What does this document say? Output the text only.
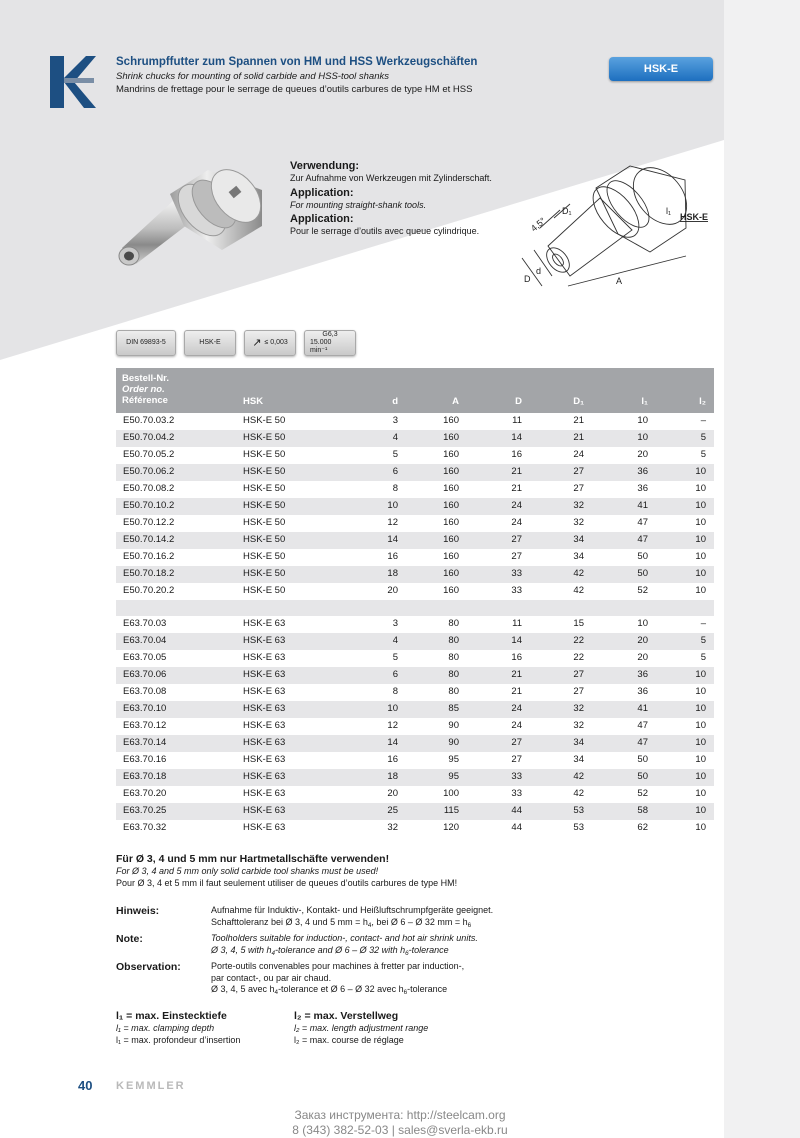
Schrumpffutter zum Spannen von HM und HSS Werkzeugschäften
Shrink chucks for mounting of solid carbide and HSS-tool shanks
Mandrins de frettage pour le serrage de queues d’outils carbures de type HM et HSS
HSK-E
Verwendung:
Zur Aufnahme von Werkzeugen mit Zylinderschaft.
Application:
For mounting straight-shank tools.
Application:
Pour le serrage d’outils avec queue cylindrique.	4,5°
D₁	l₁
D
d
A
HSK-E
DIN 69893-5	HSK-E	↗ ≤ 0,003
G6,3
15.000 min⁻¹
Bestell-Nr.
Order no.
Référence	HSK	d	A	D	D₁	l₁	l₂
E50.70.03.2	HSK-E 50	3	160	11	21	10	–
E50.70.04.2	HSK-E 50	4	160	14	21	10	5
E50.70.05.2	HSK-E 50	5	160	16	24	20	5
E50.70.06.2	HSK-E 50	6	160	21	27	36	10
E50.70.08.2	HSK-E 50	8	160	21	27	36	10
E50.70.10.2	HSK-E 50	10	160	24	32	41	10
E50.70.12.2	HSK-E 50	12	160	24	32	47	10
E50.70.14.2	HSK-E 50	14	160	27	34	47	10
E50.70.16.2	HSK-E 50	16	160	27	34	50	10
E50.70.18.2	HSK-E 50	18	160	33	42	50	10
E50.70.20.2	HSK-E 50	20	160	33	42	52	10
E63.70.03	HSK-E 63	3	80	11	15	10	–
E63.70.04	HSK-E 63	4	80	14	22	20	5
E63.70.05	HSK-E 63	5	80	16	22	20	5
E63.70.06	HSK-E 63	6	80	21	27	36	10
E63.70.08	HSK-E 63	8	80	21	27	36	10
E63.70.10	HSK-E 63	10	85	24	32	41	10
E63.70.12	HSK-E 63	12	90	24	32	47	10
E63.70.14	HSK-E 63	14	90	27	34	47	10
E63.70.16	HSK-E 63	16	95	27	34	50	10
E63.70.18	HSK-E 63	18	95	33	42	50	10
E63.70.20	HSK-E 63	20	100	33	42	52	10
E63.70.25	HSK-E 63	25	115	44	53	58	10
E63.70.32	HSK-E 63	32	120	44	53	62	10
Für Ø 3, 4 und 5 mm nur Hartmetallschäfte verwenden!
For Ø 3, 4 and 5 mm only solid carbide tool shanks must be used!
Pour Ø 3, 4 et 5 mm il faut seulement utiliser de queues d’outils carbures de type HM!
Hinweis:	Aufnahme für Induktiv-, Kontakt- und Heißluftschrumpfgeräte geeignet.
Schafttoleranz bei Ø 3, 4 und 5 mm = $h_4$, bei Ø 6 – Ø 32 mm = $h_6$
Note:	Toolholders suitable for induction-, contact- and hot air shrink units.
Ø 3, 4, 5 with $h_4$-tolerance and Ø 6 – Ø 32 with $h_6$-tolerance
Observation:	Porte-outils convenables pour machines à fretter par induction-,
par contact-, ou par air chaud.
Ø 3, 4, 5 avec $h_4$-tolerance et Ø 6 – Ø 32 avec $h_6$-tolerance
l₁ = max. Einstecktiefe
l₁ = max. clamping depth
l₁ = max. profondeur d’insertion
l₂ = max. Verstellweg
l₂ = max. length adjustment range
l₂ = max. course de réglage
40 KEMMLER
Заказ инструмента: http://steelcam.org
8 (343) 382-52-03 | sales@sverla-ekb.ru
